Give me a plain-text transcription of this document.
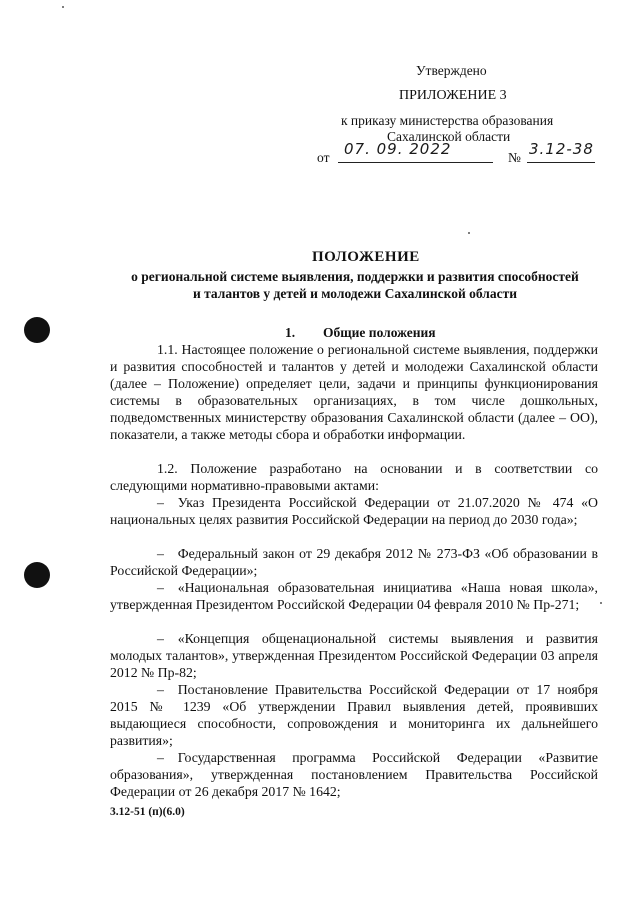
Утверждено
ПРИЛОЖЕНИЕ 3
к приказу министерства образования
Сахалинской области
от 07. 09. 2022	№ 3.12-38
ПОЛОЖЕНИЕ
о региональной системе выявления, поддержки и развития способностей
и талантов у детей и молодежи Сахалинской области
1. Общие положения

1.1. Настоящее положение о региональной системе выявления, поддержки и развития способностей и талантов у детей и молодежи Сахалинской области (далее – Положение) определяет цели, задачи и принципы функционирования системы в образовательных организациях, в том числе дошкольных, подведомственных министерству образования Сахалинской области (далее – ОО), показатели, а также методы сбора и обработки информации.

1.2. Положение разработано на основании и в соответствии со следующими нормативно-правовыми актами:

– Указ Президента Российской Федерации от 21.07.2020 № 474 «О национальных целях развития Российской Федерации на период до 2030 года»;

– Федеральный закон от 29 декабря 2012 № 273-ФЗ «Об образовании в Российской Федерации»;

– «Национальная образовательная инициатива «Наша новая школа», утвержденная Президентом Российской Федерации 04 февраля 2010 № Пр-271;

– «Концепция общенациональной системы выявления и развития молодых талантов», утвержденная Президентом Российской Федерации 03 апреля 2012 № Пр-82;

– Постановление Правительства Российской Федерации от 17 ноября 2015 № 1239 «Об утверждении Правил выявления детей, проявивших выдающиеся способности, сопровождения и мониторинга их дальнейшего развития»;

– Государственная программа Российской Федерации «Развитие образования», утвержденная постановлением Правительства Российской Федерации от 26 декабря 2017 № 1642;

3.12-51 (п)(6.0)
